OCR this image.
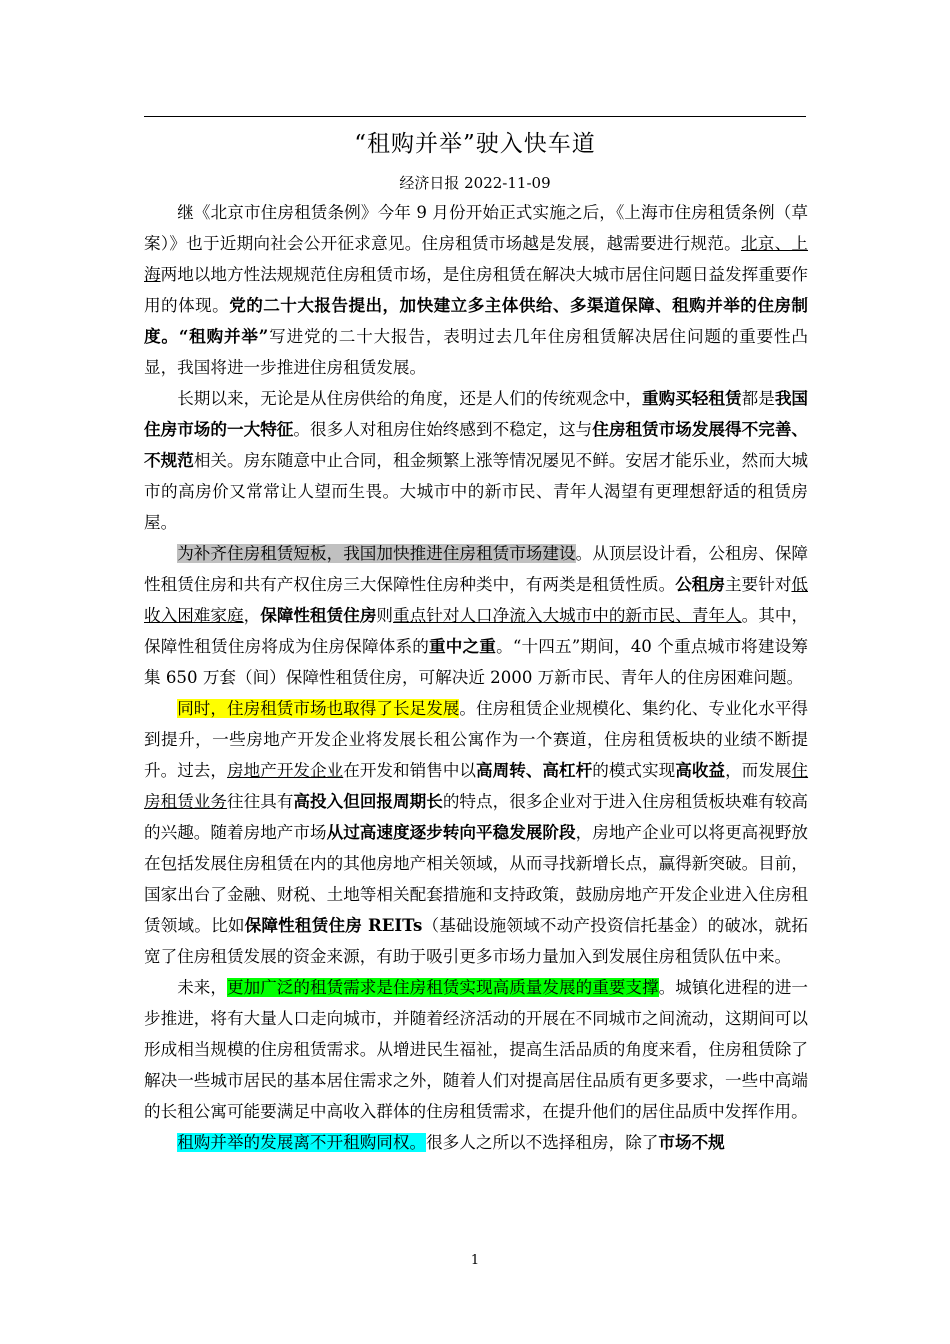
“租购并举”驶入快车道
经济日报 2022-11-09

继《北京市住房租赁条例》今年 9 月份开始正式实施之后，《上海市住房租赁条例（草案）》也于近期向社会公开征求意见。住房租赁市场越是发展，越需要进行规范。北京、上海两地以地方性法规规范住房租赁市场，是住房租赁在解决大城市居住问题日益发挥重要作用的体现。党的二十大报告提出，加快建立多主体供给、多渠道保障、租购并举的住房制度。“租购并举”写进党的二十大报告，表明过去几年住房租赁解决居住问题的重要性凸显，我国将进一步推进住房租赁发展。

长期以来，无论是从住房供给的角度，还是人们的传统观念中，重购买轻租赁都是我国住房市场的一大特征。很多人对租房住始终感到不稳定，这与住房租赁市场发展得不完善、不规范相关。房东随意中止合同，租金频繁上涨等情况屡见不鲜。安居才能乐业，然而大城市的高房价又常常让人望而生畏。大城市中的新市民、青年人渴望有更理想舒适的租赁房屋。

为补齐住房租赁短板，我国加快推进住房租赁市场建设。从顶层设计看，公租房、保障性租赁住房和共有产权住房三大保障性住房种类中，有两类是租赁性质。公租房主要针对低收入困难家庭，保障性租赁住房则重点针对人口净流入大城市中的新市民、青年人。其中，保障性租赁住房将成为住房保障体系的重中之重。“十四五”期间，40 个重点城市将建设筹集 650 万套（间）保障性租赁住房，可解决近 2000 万新市民、青年人的住房困难问题。

同时，住房租赁市场也取得了长足发展。住房租赁企业规模化、集约化、专业化水平得到提升，一些房地产开发企业将发展长租公寓作为一个赛道，住房租赁板块的业绩不断提升。过去，房地产开发企业在开发和销售中以高周转、高杠杆的模式实现高收益，而发展住房租赁业务往往具有高投入但回报周期长的特点，很多企业对于进入住房租赁板块难有较高的兴趣。随着房地产市场从过高速度逐步转向平稳发展阶段，房地产企业可以将更高视野放在包括发展住房租赁在内的其他房地产相关领域，从而寻找新增长点，赢得新突破。目前，国家出台了金融、财税、土地等相关配套措施和支持政策，鼓励房地产开发企业进入住房租赁领域。比如保障性租赁住房 REITs（基础设施领域不动产投资信托基金）的破冰，就拓宽了住房租赁发展的资金来源，有助于吸引更多市场力量加入到发展住房租赁队伍中来。

未来，更加广泛的租赁需求是住房租赁实现高质量发展的重要支撑。城镇化进程的进一步推进，将有大量人口走向城市，并随着经济活动的开展在不同城市之间流动，这期间可以形成相当规模的住房租赁需求。从增进民生福祉，提高生活品质的角度来看，住房租赁除了解决一些城市居民的基本居住需求之外，随着人们对提高居住品质有更多要求，一些中高端的长租公寓可能要满足中高收入群体的住房租赁需求，在提升他们的居住品质中发挥作用。

租购并举的发展离不开租购同权。很多人之所以不选择租房，除了市场不规

1
